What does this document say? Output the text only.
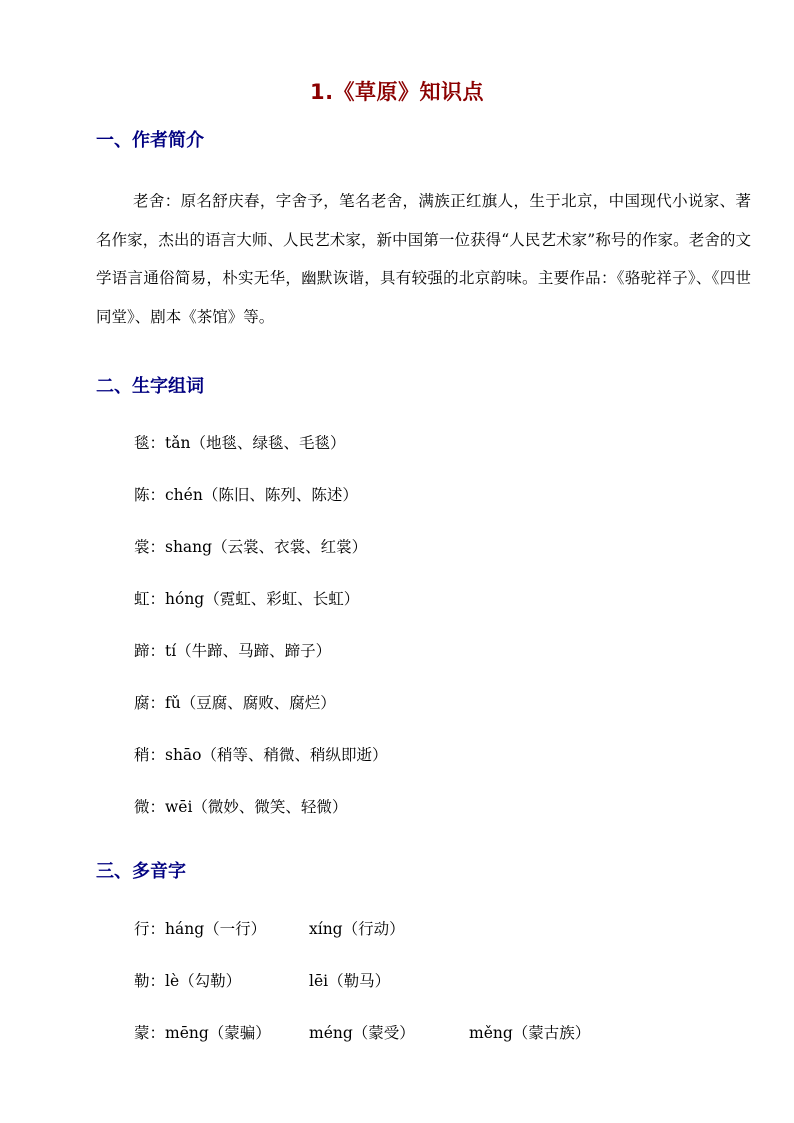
1.《草原》知识点
一、作者简介

老舍：原名舒庆春，字舍予，笔名老舍，满族正红旗人，生于北京，中国现代小说家、著名作家，杰出的语言大师、人民艺术家，新中国第一位获得“人民艺术家”称号的作家。老舍的文学语言通俗简易，朴实无华，幽默诙谐，具有较强的北京韵味。主要作品：《骆驼祥子》、《四世同堂》、剧本《茶馆》等。

二、生字组词
毯：tǎn（地毯、绿毯、毛毯）
陈：chén（陈旧、陈列、陈述）
裳：shang（云裳、衣裳、红裳）
虹：hóng（霓虹、彩虹、长虹）
蹄：tí（牛蹄、马蹄、蹄子）
腐：fǔ（豆腐、腐败、腐烂）
稍：shāo（稍等、稍微、稍纵即逝）
微：wēi（微妙、微笑、轻微）
三、多音字
行：háng（一行）	xíng（行动）
勒：lè（勾勒）	lēi（勒马）
蒙：mēng（蒙骗） méng（蒙受）	měng（蒙古族）
